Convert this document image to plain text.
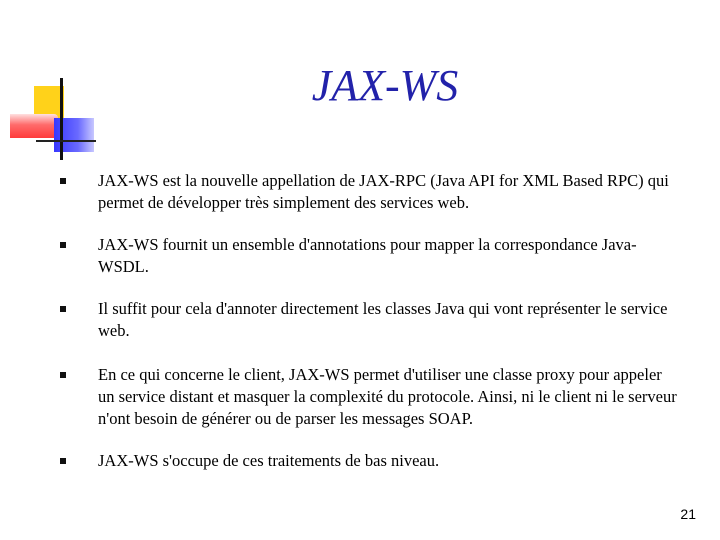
JAX-WS
JAX-WS est la nouvelle appellation de JAX-RPC (Java API for XML Based RPC) qui permet de développer très simplement des services web.
JAX-WS fournit un ensemble d'annotations pour mapper la correspondance Java-WSDL.
Il suffit pour cela d'annoter directement les classes Java qui vont représenter le service web.
En ce qui concerne le client, JAX-WS permet d'utiliser une classe proxy pour appeler un service distant et masquer la complexité du protocole. Ainsi, ni le client ni le serveur n'ont besoin de générer ou de parser les messages SOAP.
JAX-WS s'occupe de ces traitements de bas niveau.
21
